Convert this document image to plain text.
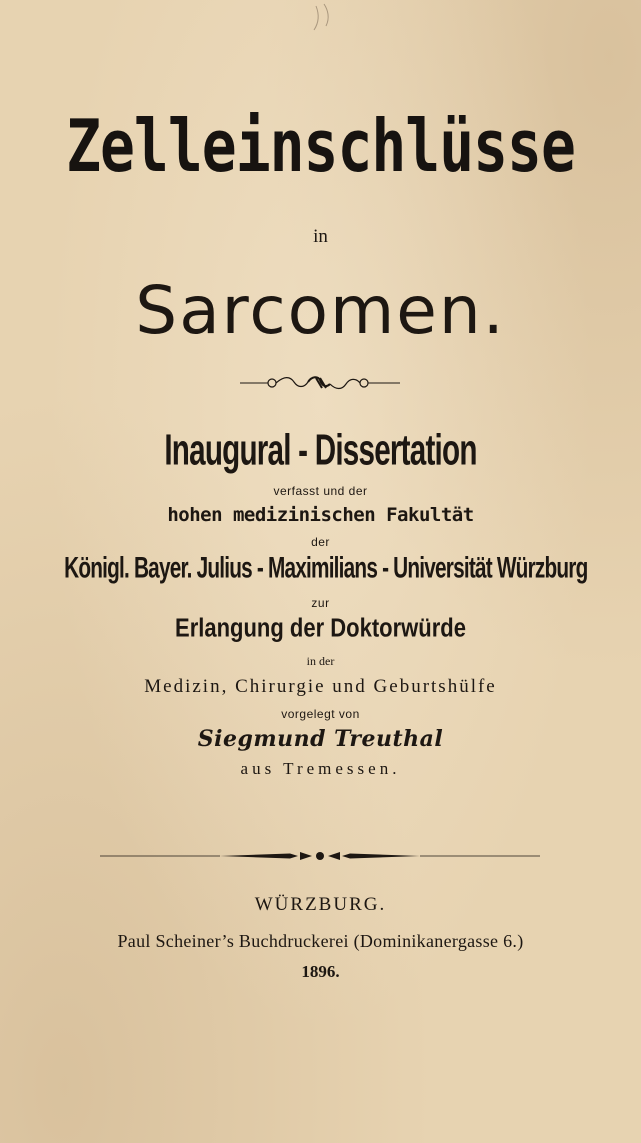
Zelleinschlüsse
in
Sarcomen.
Inaugural - Dissertation
verfasst und der
hohen medizinischen Fakultät
der
Königl. Bayer. Julius - Maximilians - Universität Würzburg
zur
Erlangung der Doktorwürde
in der
Medizin, Chirurgie und Geburtshülfe
vorgelegt von
Siegmund Treuthal
aus Tremessen.
WÜRZBURG.
Paul Scheiner’s Buchdruckerei (Dominikanergasse 6.)
1896.
